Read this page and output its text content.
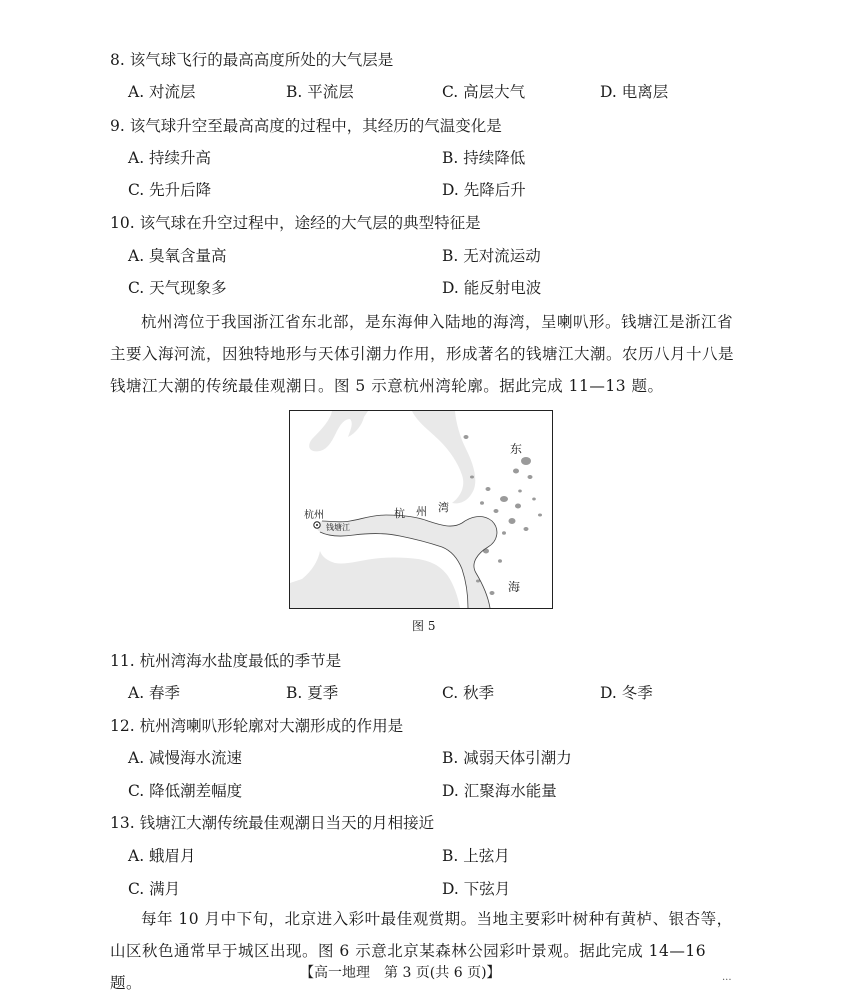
8. 该气球飞行的最高高度所处的大气层是
A. 对流层	B. 平流层	C. 高层大气	D. 电离层
9. 该气球升空至最高高度的过程中，其经历的气温变化是
A. 持续升高	B. 持续降低
C. 先升后降	D. 先降后升
10. 该气球在升空过程中，途经的大气层的典型特征是
A. 臭氧含量高	B. 无对流运动
C. 天气现象多	D. 能反射电波
杭州湾位于我国浙江省东北部，是东海伸入陆地的海湾，呈喇叭形。钱塘江是浙江省主要入海河流，因独特地形与天体引潮力作用，形成著名的钱塘江大潮。农历八月十八是钱塘江大潮的传统最佳观潮日。图 5 示意杭州湾轮廓。据此完成 11—13 题。
杭州
钱塘江
杭 州 湾
东
海
图 5
11. 杭州湾海水盐度最低的季节是
A. 春季	B. 夏季	C. 秋季	D. 冬季
12. 杭州湾喇叭形轮廓对大潮形成的作用是
A. 减慢海水流速	B. 减弱天体引潮力
C. 降低潮差幅度	D. 汇聚海水能量
13. 钱塘江大潮传统最佳观潮日当天的月相接近
A. 蛾眉月	B. 上弦月
C. 满月	D. 下弦月
每年 10 月中下旬，北京进入彩叶最佳观赏期。当地主要彩叶树种有黄栌、银杏等，山区秋色通常早于城区出现。图 6 示意北京某森林公园彩叶景观。据此完成 14—16 题。
【高一地理　第 3 页(共 6 页)】	...
